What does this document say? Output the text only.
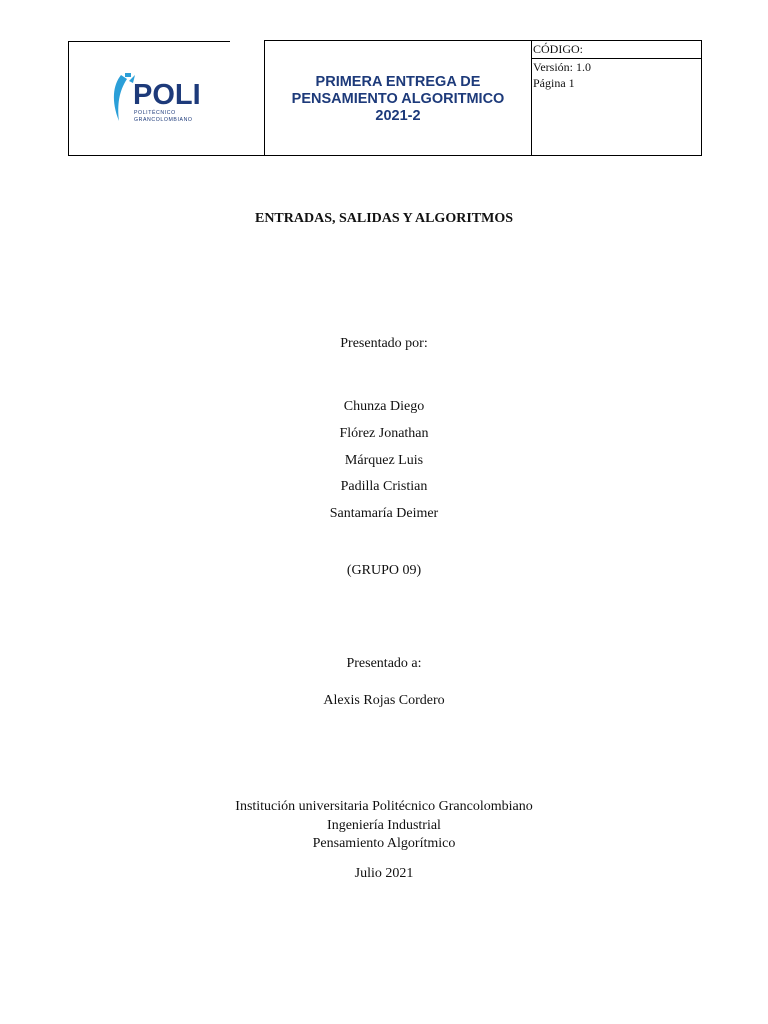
POLI
POLITÉCNICO
GRANCOLOMBIANO

PRIMERA ENTREGA DE
PENSAMIENTO ALGORITMICO
2021-2

CÓDIGO:
Versión: 1.0
Página 1
ENTRADAS, SALIDAS Y ALGORITMOS
Presentado por:
Chunza Diego
Flórez Jonathan
Márquez Luis
Padilla Cristian
Santamaría Deimer
(GRUPO 09)
Presentado a:
Alexis Rojas Cordero
Institución universitaria Politécnico Grancolombiano
Ingeniería Industrial
Pensamiento Algorítmico
Julio 2021
